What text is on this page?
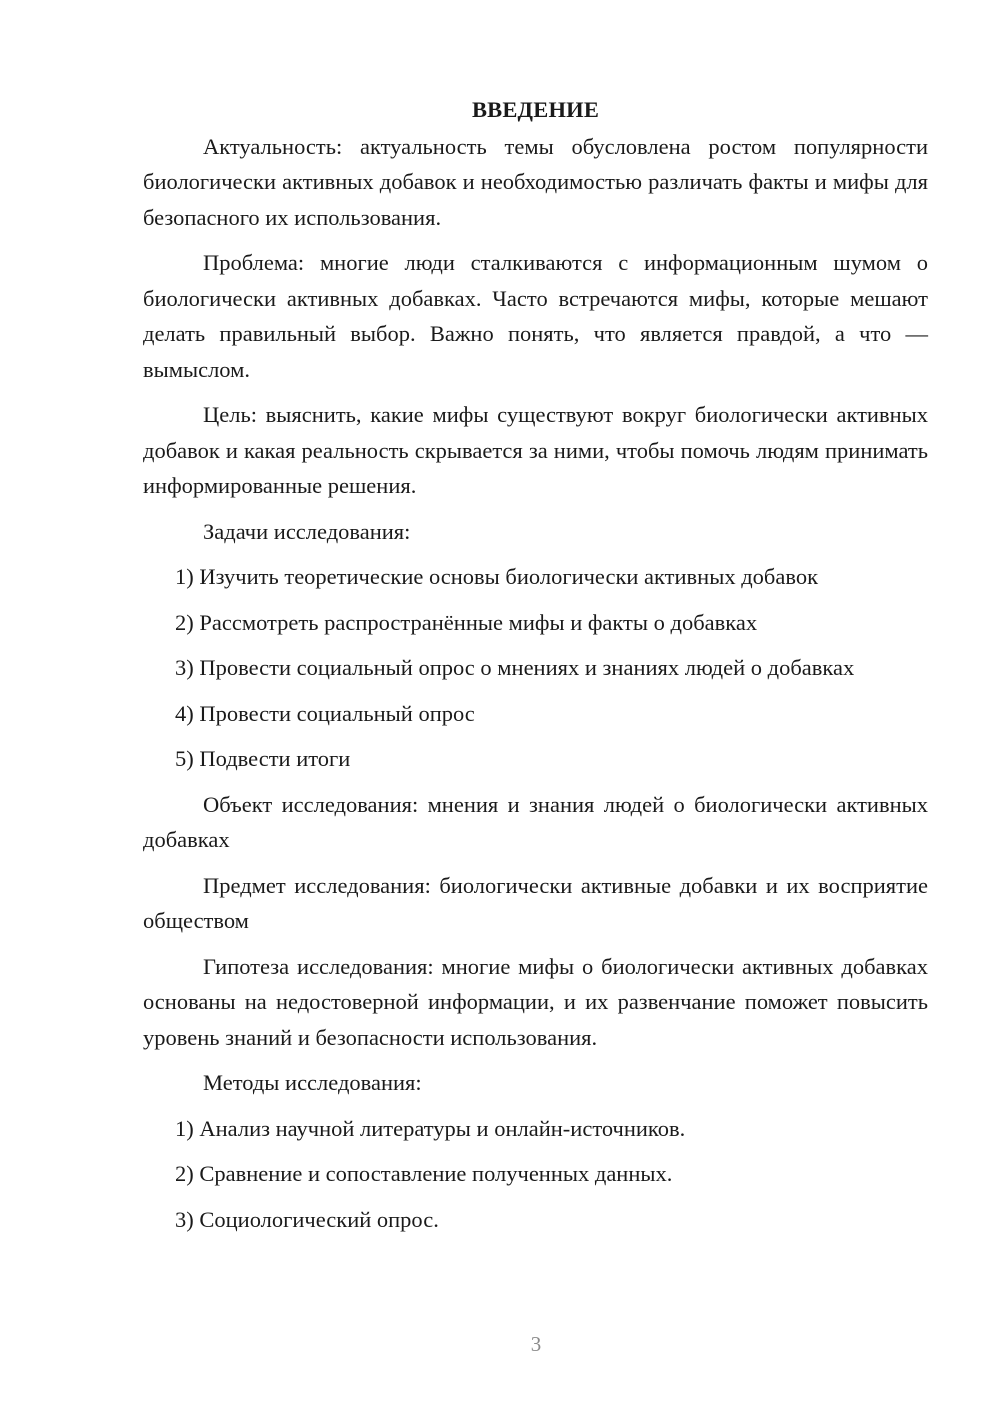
ВВЕДЕНИЕ
Актуальность: актуальность темы обусловлена ростом популярности биологически активных добавок и необходимостью различать факты и мифы для безопасного их использования.
Проблема: многие люди сталкиваются с информационным шумом о биологически активных добавках. Часто встречаются мифы, которые мешают делать правильный выбор. Важно понять, что является правдой, а что — вымыслом.
Цель: выяснить, какие мифы существуют вокруг биологически активных добавок и какая реальность скрывается за ними, чтобы помочь людям принимать информированные решения.
Задачи исследования:
1) Изучить теоретические основы биологически активных добавок
2) Рассмотреть распространённые мифы и факты о добавках
3) Провести социальный опрос о мнениях и знаниях людей о добавках
4) Провести социальный опрос
5) Подвести итоги
Объект исследования: мнения и знания людей о биологически активных добавках
Предмет исследования: биологически активные добавки и их восприятие обществом
Гипотеза исследования: многие мифы о биологически активных добавках основаны на недостоверной информации, и их развенчание поможет повысить уровень знаний и безопасности использования.
Методы исследования:
1) Анализ научной литературы и онлайн-источников.
2) Сравнение и сопоставление полученных данных.
3) Социологический опрос.
3
